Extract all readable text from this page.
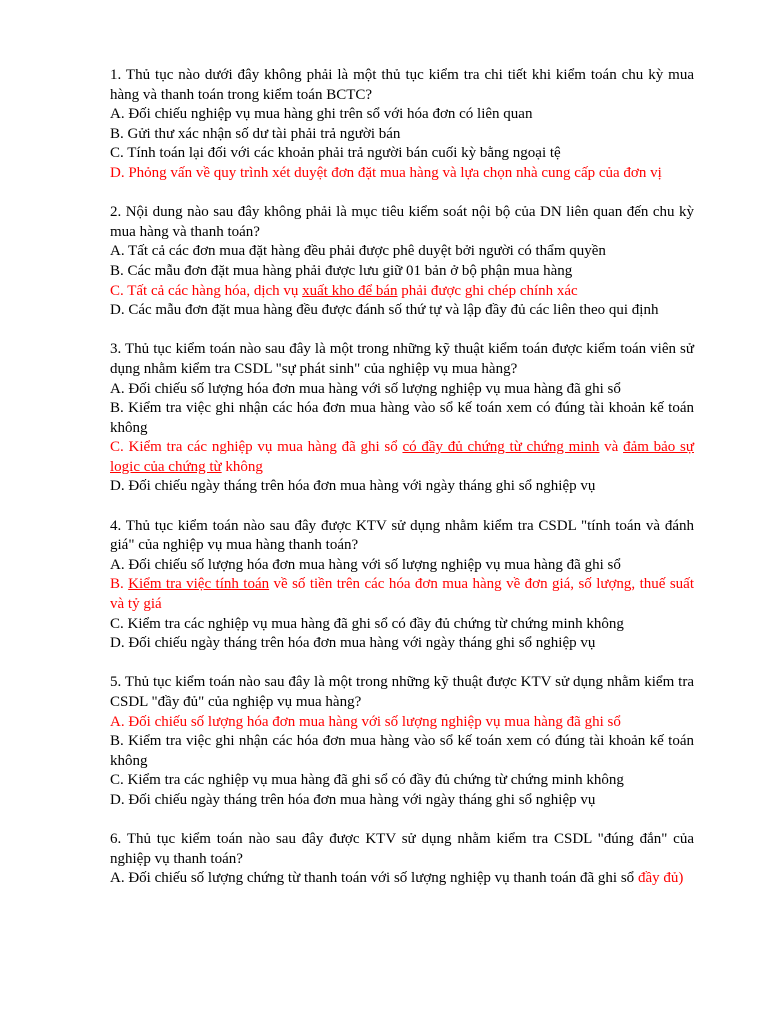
1. Thủ tục nào dưới đây không phải là một thủ tục kiểm tra chi tiết khi kiểm toán chu kỳ mua hàng và thanh toán trong kiểm toán BCTC?

A. Đối chiếu nghiệp vụ mua hàng ghi trên sổ với hóa đơn có liên quan

B. Gửi thư xác nhận số dư tài phải trả người bán

C. Tính toán lại đối với các khoản phải trả người bán cuối kỳ bằng ngoại tệ

D. Phỏng vấn về quy trình xét duyệt đơn đặt mua hàng và lựa chọn nhà cung cấp của đơn vị

2. Nội dung nào sau đây không phải là mục tiêu kiểm soát nội bộ của DN liên quan đến chu kỳ mua hàng và thanh toán?

A. Tất cả các đơn mua đặt hàng đều phải được phê duyệt bởi người có thẩm quyền

B. Các mẫu đơn đặt mua hàng phải được lưu giữ 01 bản ở bộ phận mua hàng

C. Tất cả các hàng hóa, dịch vụ xuất kho để bán phải được ghi chép chính xác

D. Các mẫu đơn đặt mua hàng đều được đánh số thứ tự và lập đầy đủ các liên theo qui định

3. Thủ tục kiểm toán nào sau đây là một trong những kỹ thuật kiểm toán được kiểm toán viên sử dụng nhằm kiểm tra CSDL "sự phát sinh" của nghiệp vụ mua hàng?

A. Đối chiếu số lượng hóa đơn mua hàng với số lượng nghiệp vụ mua hàng đã ghi sổ

B. Kiểm tra việc ghi nhận các hóa đơn mua hàng vào sổ kế toán xem có đúng tài khoản kế toán không

C. Kiểm tra các nghiệp vụ mua hàng đã ghi sổ có đầy đủ chứng từ chứng minh và đảm bảo sự logic của chứng từ không

D. Đối chiếu ngày tháng trên hóa đơn mua hàng với ngày tháng ghi sổ nghiệp vụ

4. Thủ tục kiểm toán nào sau đây được KTV sử dụng nhằm kiểm tra CSDL "tính toán và đánh giá" của nghiệp vụ mua hàng thanh toán?

A. Đối chiếu số lượng hóa đơn mua hàng với số lượng nghiệp vụ mua hàng đã ghi sổ

B. Kiểm tra việc tính toán về số tiền trên các hóa đơn mua hàng về đơn giá, số lượng, thuế suất và tỷ giá

C. Kiểm tra các nghiệp vụ mua hàng đã ghi sổ có đầy đủ chứng từ chứng minh không

D. Đối chiếu ngày tháng trên hóa đơn mua hàng với ngày tháng ghi sổ nghiệp vụ

5. Thủ tục kiểm toán nào sau đây là một trong những kỹ thuật được KTV sử dụng nhằm kiểm tra CSDL "đầy đủ" của nghiệp vụ mua hàng?

A. Đối chiếu số lượng hóa đơn mua hàng với số lượng nghiệp vụ mua hàng đã ghi sổ

B. Kiểm tra việc ghi nhận các hóa đơn mua hàng vào sổ kế toán xem có đúng tài khoản kế toán không

C. Kiểm tra các nghiệp vụ mua hàng đã ghi sổ có đầy đủ chứng từ chứng minh không

D. Đối chiếu ngày tháng trên hóa đơn mua hàng với ngày tháng ghi sổ nghiệp vụ

6. Thủ tục kiểm toán nào sau đây được KTV sử dụng nhằm kiểm tra CSDL "đúng đắn" của nghiệp vụ thanh toán?

A. Đối chiếu số lượng chứng từ thanh toán với số lượng nghiệp vụ thanh toán đã ghi sổ đầy đủ)
